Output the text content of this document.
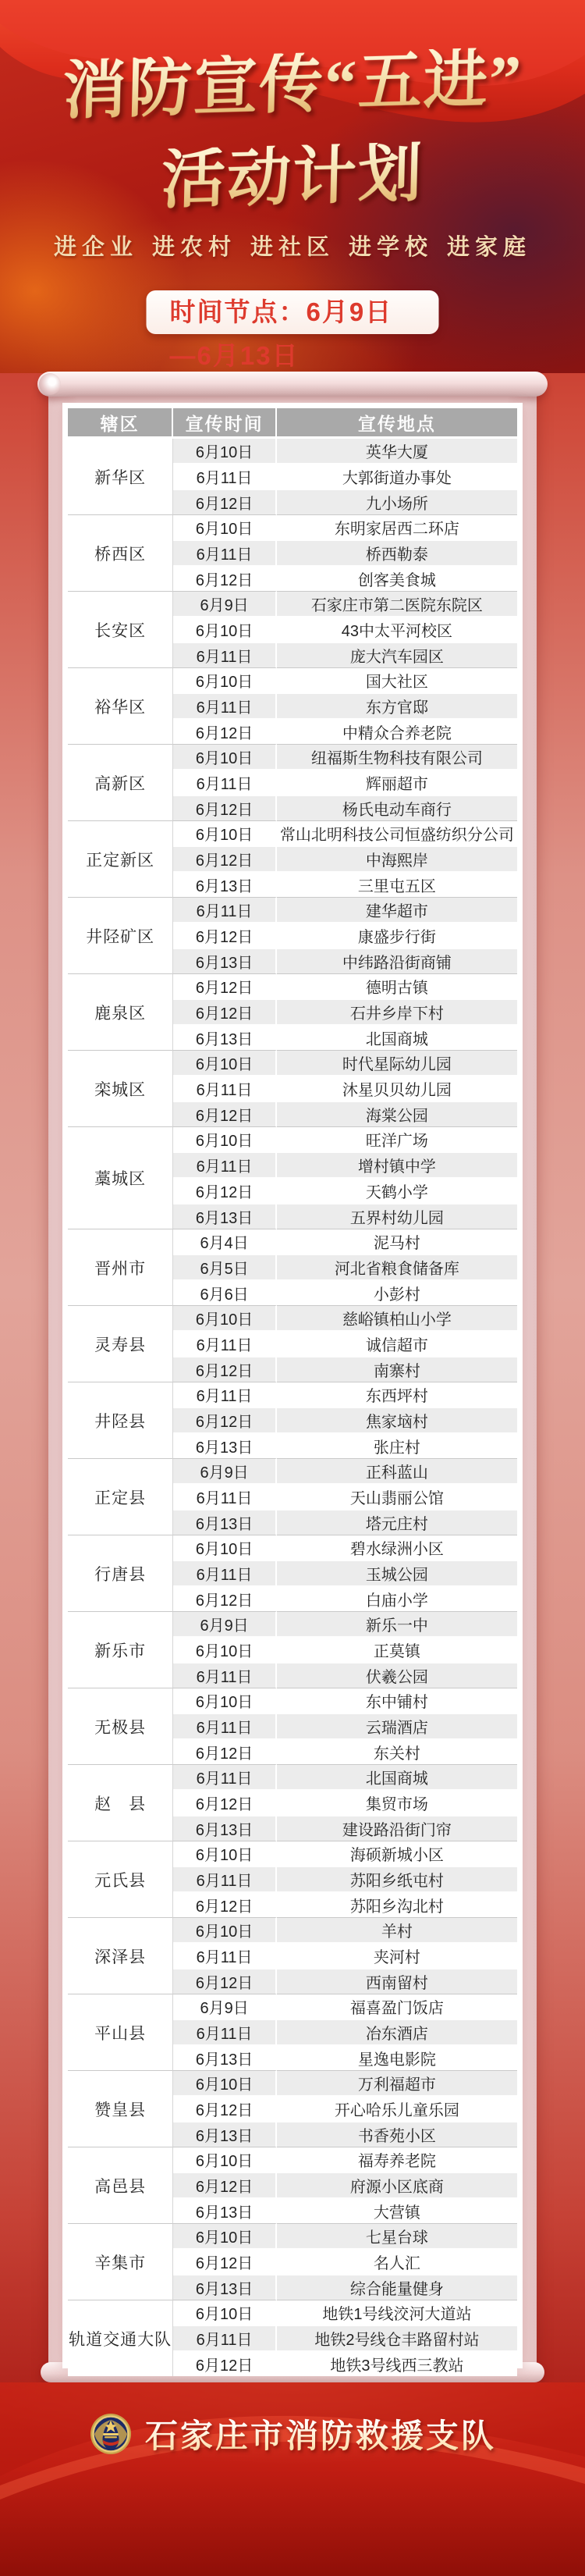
消防宣传“五进”
活动计划
进企业 进农村 进社区 进学校 进家庭
时间节点：6月9日—6月13日
辖区	宣传时间	宣传地点
新华区	6月10日	英华大厦
	6月11日	大郭街道办事处
	6月12日	九小场所
桥西区	6月10日	东明家居西二环店
	6月11日	桥西勒泰
	6月12日	创客美食城
长安区	6月9日	石家庄市第二医院东院区
	6月10日	43中太平河校区
	6月11日	庞大汽车园区
裕华区	6月10日	国大社区
	6月11日	东方官邸
	6月12日	中精众合养老院
高新区	6月10日	纽福斯生物科技有限公司
	6月11日	辉丽超市
	6月12日	杨氏电动车商行
正定新区	6月10日	常山北明科技公司恒盛纺织分公司
	6月12日	中海熙岸
	6月13日	三里屯五区
井陉矿区	6月11日	建华超市
	6月12日	康盛步行街
	6月13日	中纬路沿街商铺
鹿泉区	6月12日	德明古镇
	6月12日	石井乡岸下村
	6月13日	北国商城
栾城区	6月10日	时代星际幼儿园
	6月11日	沐星贝贝幼儿园
	6月12日	海棠公园
藁城区	6月10日	旺洋广场
	6月11日	增村镇中学
	6月12日	天鹤小学
	6月13日	五界村幼儿园
晋州市	6月4日	泥马村
	6月5日	河北省粮食储备库
	6月6日	小彭村
灵寿县	6月10日	慈峪镇柏山小学
	6月11日	诚信超市
	6月12日	南寨村
井陉县	6月11日	东西坪村
	6月12日	焦家垴村
	6月13日	张庄村
正定县	6月9日	正科蓝山
	6月11日	天山翡丽公馆
	6月13日	塔元庄村
行唐县	6月10日	碧水绿洲小区
	6月11日	玉城公园
	6月12日	白庙小学
新乐市	6月9日	新乐一中
	6月10日	正莫镇
	6月11日	伏羲公园
无极县	6月10日	东中铺村
	6月11日	云瑞酒店
	6月12日	东关村
赵　县	6月11日	北国商城
	6月12日	集贸市场
	6月13日	建设路沿街门帘
元氏县	6月10日	海硕新城小区
	6月11日	苏阳乡纸屯村
	6月12日	苏阳乡沟北村
深泽县	6月10日	羊村
	6月11日	夹河村
	6月12日	西南留村
平山县	6月9日	福喜盈门饭店
	6月11日	冶东酒店
	6月13日	星逸电影院
赞皇县	6月10日	万利福超市
	6月12日	开心哈乐儿童乐园
	6月13日	书香苑小区
高邑县	6月10日	福寿养老院
	6月12日	府源小区底商
	6月13日	大营镇
辛集市	6月10日	七星台球
	6月12日	名人汇
	6月13日	综合能量健身
轨道交通大队	6月10日	地铁1号线洨河大道站
	6月11日	地铁2号线仓丰路留村站
	6月12日	地铁3号线西三教站
石家庄市消防救援支队
